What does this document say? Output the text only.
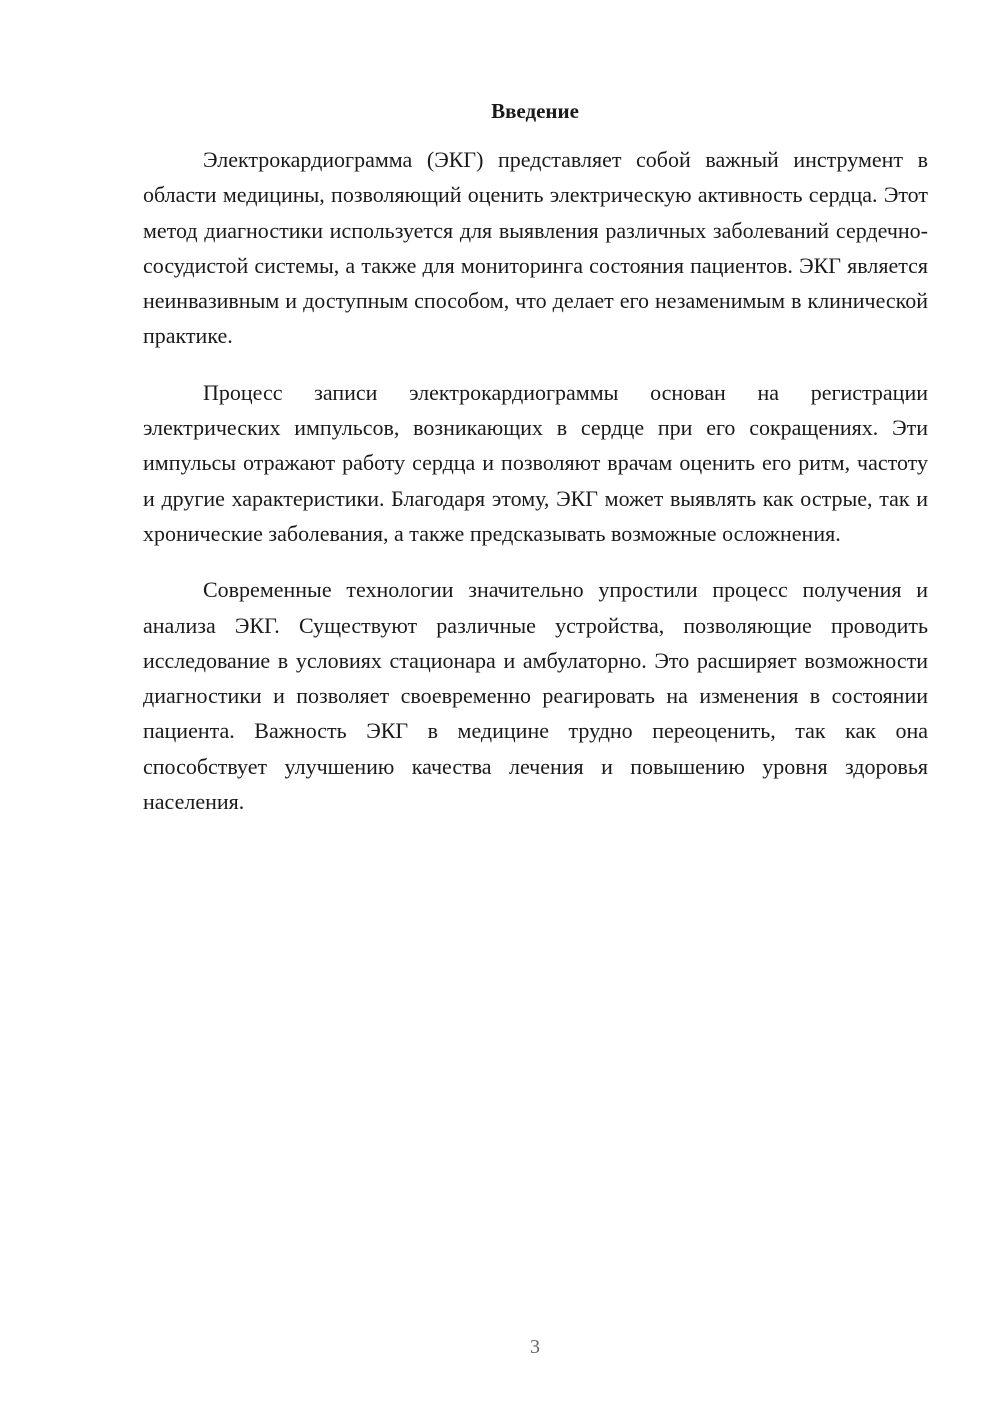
Введение

Электрокардиограмма (ЭКГ) представляет собой важный инструмент в области медицины, позволяющий оценить электрическую активность сердца. Этот метод диагностики используется для выявления различных заболеваний сердечно-сосудистой системы, а также для мониторинга состояния пациентов. ЭКГ является неинвазивным и доступным способом, что делает его незаменимым в клинической практике.

Процесс записи электрокардиограммы основан на регистрации электрических импульсов, возникающих в сердце при его сокращениях. Эти импульсы отражают работу сердца и позволяют врачам оценить его ритм, частоту и другие характеристики. Благодаря этому, ЭКГ может выявлять как острые, так и хронические заболевания, а также предсказывать возможные осложнения.

Современные технологии значительно упростили процесс получения и анализа ЭКГ. Существуют различные устройства, позволяющие проводить исследование в условиях стационара и амбулаторно. Это расширяет возможности диагностики и позволяет своевременно реагировать на изменения в состоянии пациента. Важность ЭКГ в медицине трудно переоценить, так как она способствует улучшению качества лечения и повышению уровня здоровья населения.

3
